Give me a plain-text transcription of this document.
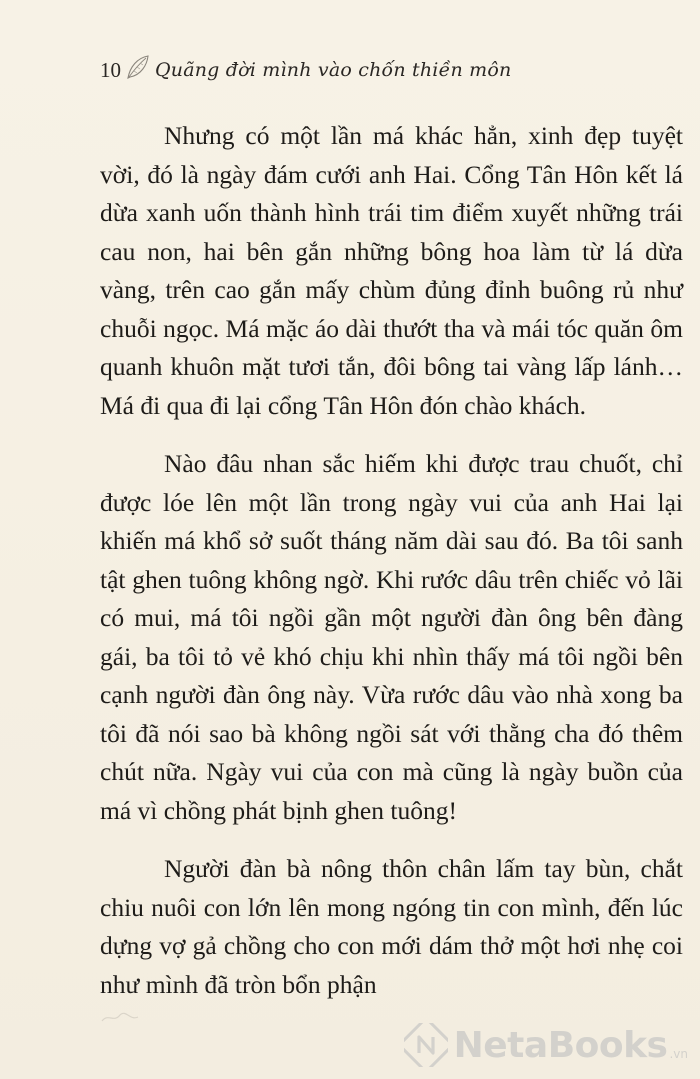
10 Quãng đời mình vào chốn thiền môn

Nhưng có một lần má khác hẳn, xinh đẹp tuyệt vời, đó là ngày đám cưới anh Hai. Cổng Tân Hôn kết lá dừa xanh uốn thành hình trái tim điểm xuyết những trái cau non, hai bên gắn những bông hoa làm từ lá dừa vàng, trên cao gắn mấy chùm đủng đỉnh buông rủ như chuỗi ngọc. Má mặc áo dài thướt tha và mái tóc quăn ôm quanh khuôn mặt tươi tắn, đôi bông tai vàng lấp lánh… Má đi qua đi lại cổng Tân Hôn đón chào khách.

Nào đâu nhan sắc hiếm khi được trau chuốt, chỉ được lóe lên một lần trong ngày vui của anh Hai lại khiến má khổ sở suốt tháng năm dài sau đó. Ba tôi sanh tật ghen tuông không ngờ. Khi rước dâu trên chiếc vỏ lãi có mui, má tôi ngồi gần một người đàn ông bên đàng gái, ba tôi tỏ vẻ khó chịu khi nhìn thấy má tôi ngồi bên cạnh người đàn ông này. Vừa rước dâu vào nhà xong ba tôi đã nói sao bà không ngồi sát với thằng cha đó thêm chút nữa. Ngày vui của con mà cũng là ngày buồn của má vì chồng phát bịnh ghen tuông!

Người đàn bà nông thôn chân lấm tay bùn, chắt chiu nuôi con lớn lên mong ngóng tin con mình, đến lúc dựng vợ gả chồng cho con mới dám thở một hơi nhẹ coi như mình đã tròn bổn phận

NetaBooks .vn
